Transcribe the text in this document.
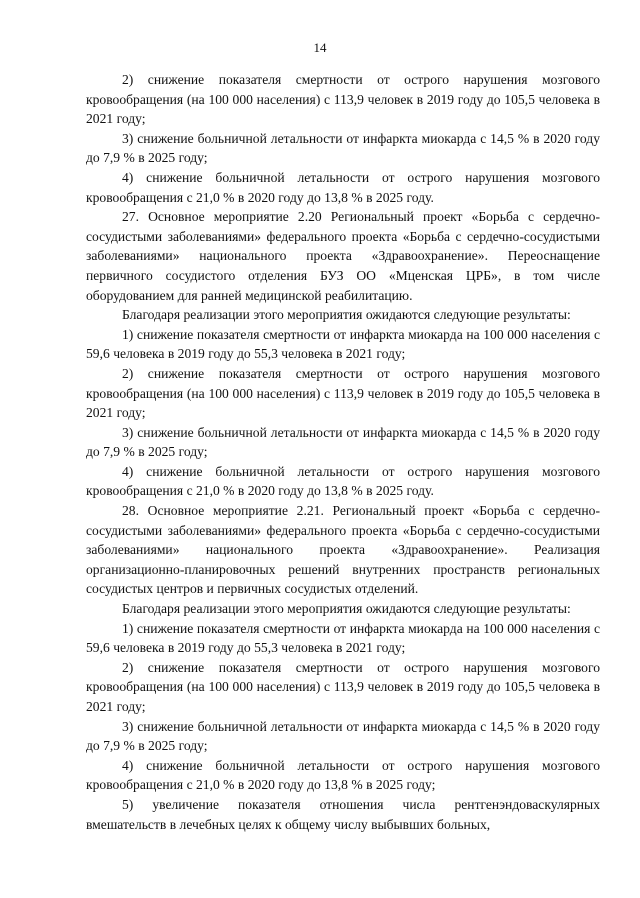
14

2) снижение показателя смертности от острого нарушения мозгового кровообращения (на 100 000 населения) с 113,9 человек в 2019 году до 105,5 человека в 2021 году;

3) снижение больничной летальности от инфаркта миокарда с 14,5 % в 2020 году до 7,9 % в 2025 году;

4) снижение больничной летальности от острого нарушения мозгового кровообращения с 21,0 % в 2020 году до 13,8 % в 2025 году.

27. Основное мероприятие 2.20 Региональный проект «Борьба с сердечно-сосудистыми заболеваниями» федерального проекта «Борьба с сердечно-сосудистыми заболеваниями» национального проекта «Здравоохранение». Переоснащение первичного сосудистого отделения БУЗ ОО «Мценская ЦРБ», в том числе оборудованием для ранней медицинской реабилитацию.

Благодаря реализации этого мероприятия ожидаются следующие результаты:

1) снижение показателя смертности от инфаркта миокарда на 100 000 населения с 59,6 человека в 2019 году до 55,3 человека в 2021 году;

2) снижение показателя смертности от острого нарушения мозгового кровообращения (на 100 000 населения) с 113,9 человек в 2019 году до 105,5 человека в 2021 году;

3) снижение больничной летальности от инфаркта миокарда с 14,5 % в 2020 году до 7,9 % в 2025 году;

4) снижение больничной летальности от острого нарушения мозгового кровообращения с 21,0 % в 2020 году до 13,8 % в 2025 году.

28. Основное мероприятие 2.21. Региональный проект «Борьба с сердечно-сосудистыми заболеваниями» федерального проекта «Борьба с сердечно-сосудистыми заболеваниями» национального проекта «Здравоохранение». Реализация организационно-планировочных решений внутренних пространств региональных сосудистых центров и первичных сосудистых отделений.

Благодаря реализации этого мероприятия ожидаются следующие результаты:

1) снижение показателя смертности от инфаркта миокарда на 100 000 населения с 59,6 человека в 2019 году до 55,3 человека в 2021 году;

2) снижение показателя смертности от острого нарушения мозгового кровообращения (на 100 000 населения) с 113,9 человек в 2019 году до 105,5 человека в 2021 году;

3) снижение больничной летальности от инфаркта миокарда с 14,5 % в 2020 году до 7,9 % в 2025 году;

4) снижение больничной летальности от острого нарушения мозгового кровообращения с 21,0 % в 2020 году до 13,8 % в 2025 году;

5) увеличение показателя отношения числа рентгенэндоваскулярных вмешательств в лечебных целях к общему числу выбывших больных,
